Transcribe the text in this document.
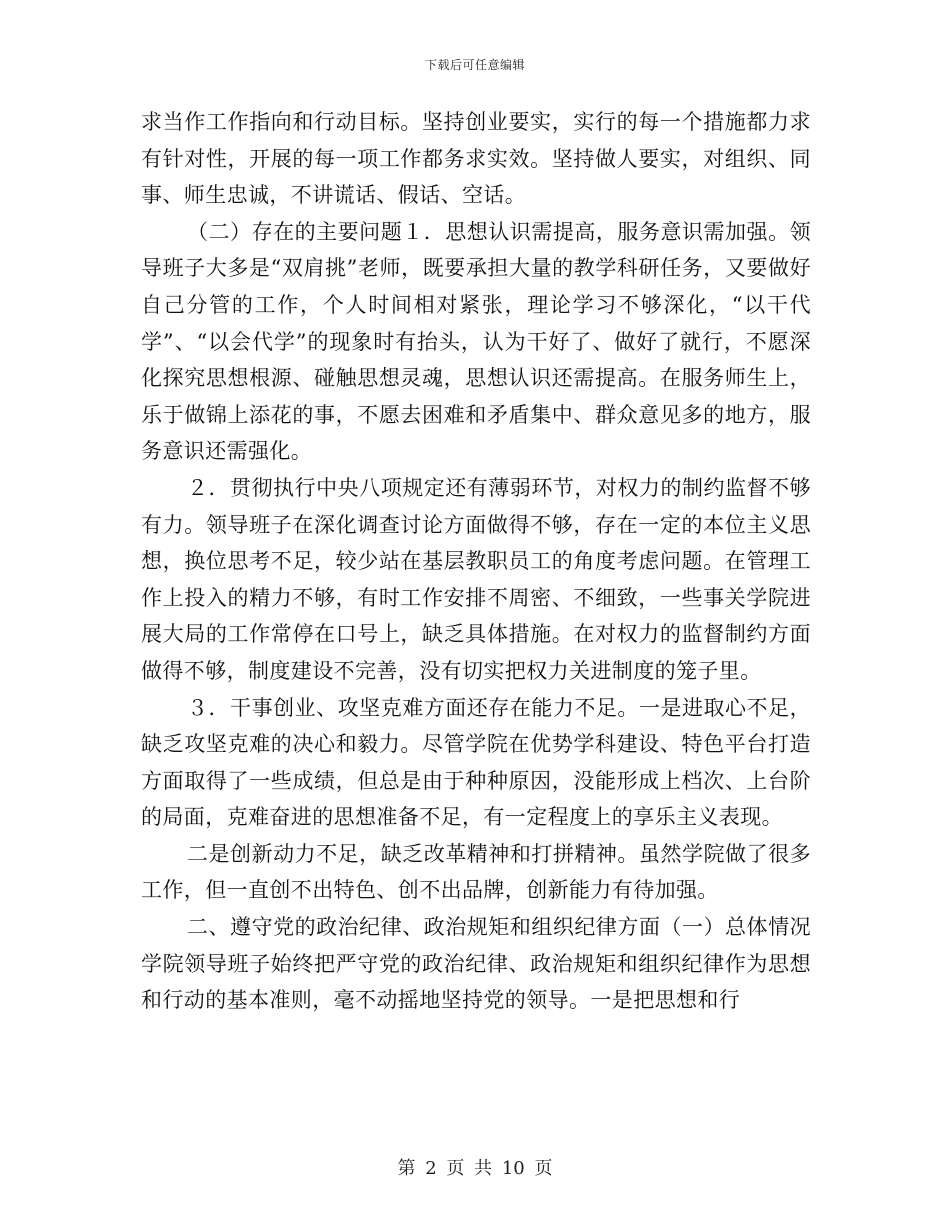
下载后可任意编辑

求当作工作指向和行动目标。坚持创业要实，实行的每一个措施都力求有针对性，开展的每一项工作都务求实效。坚持做人要实，对组织、同事、师生忠诚，不讲谎话、假话、空话。

（二）存在的主要问题１．思想认识需提高，服务意识需加强。领导班子大多是“双肩挑”老师，既要承担大量的教学科研任务，又要做好自己分管的工作，个人时间相对紧张，理论学习不够深化，“以干代学”、“以会代学”的现象时有抬头，认为干好了、做好了就行，不愿深化探究思想根源、碰触思想灵魂，思想认识还需提高。在服务师生上，乐于做锦上添花的事，不愿去困难和矛盾集中、群众意见多的地方，服务意识还需强化。

２．贯彻执行中央八项规定还有薄弱环节，对权力的制约监督不够有力。领导班子在深化调查讨论方面做得不够，存在一定的本位主义思想，换位思考不足，较少站在基层教职员工的角度考虑问题。在管理工作上投入的精力不够，有时工作安排不周密、不细致，一些事关学院进展大局的工作常停在口号上，缺乏具体措施。在对权力的监督制约方面做得不够，制度建设不完善，没有切实把权力关进制度的笼子里。

３．干事创业、攻坚克难方面还存在能力不足。一是进取心不足，缺乏攻坚克难的决心和毅力。尽管学院在优势学科建设、特色平台打造方面取得了一些成绩，但总是由于种种原因，没能形成上档次、上台阶的局面，克难奋进的思想准备不足，有一定程度上的享乐主义表现。

二是创新动力不足，缺乏改革精神和打拼精神。虽然学院做了很多工作，但一直创不出特色、创不出品牌，创新能力有待加强。

二、遵守党的政治纪律、政治规矩和组织纪律方面（一）总体情况学院领导班子始终把严守党的政治纪律、政治规矩和组织纪律作为思想和行动的基本准则，毫不动摇地坚持党的领导。一是把思想和行

第 2 页 共 10 页
